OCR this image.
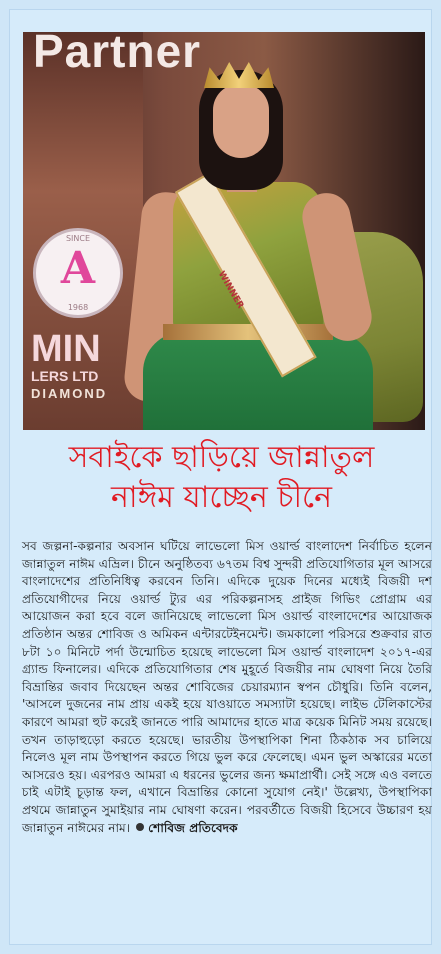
Partner
SINCE
A
1968
MIN
LERS LTD
DIAMOND
WINNER
সবাইকে ছাড়িয়ে জান্নাতুল
নাঈম যাচ্ছেন চীনে
সব জল্পনা-কল্পনার অবসান ঘটিয়ে লাভেলো মিস ওয়ার্ল্ড বাংলাদেশ নির্বাচিত হলেন জান্নাতুল নাঈম এভ্রিল। চীনে অনুষ্ঠিতব্য ৬৭তম বিশ্ব সুন্দরী প্রতিযোগিতার মূল আসরে বাংলাদেশের প্রতিনিধিত্ব করবেন তিনি। এদিকে দুয়েক দিনের মধ্যেই বিজয়ী দশ প্রতিযোগীদের নিয়ে ওয়ার্ল্ড ট্যুর এর পরিকল্পনাসহ প্রাইজ গিভিং প্রোগ্রাম এর আয়োজন করা হবে বলে জানিয়েছে লাভেলো মিস ওয়ার্ল্ড বাংলাদেশের আয়োজক প্রতিষ্ঠান অন্তর শোবিজ ও অমিকন এন্টারটেইনমেন্ট। জমকালো পরিসরে শুক্রবার রাত ৮টা ১০ মিনিটে পর্দা উন্মোচিত হয়েছে লাভেলো মিস ওয়ার্ল্ড বাংলাদেশ ২০১৭-এর গ্র্যান্ড ফিনালের। এদিকে প্রতিযোগিতার শেষ মুহূর্তে বিজয়ীর নাম ঘোষণা নিয়ে তৈরি বিভ্রান্তির জবাব দিয়েছেন অন্তর শোবিজের চেয়ারম্যান স্বপন চৌধুরি। তিনি বলেন, 'আসলে দুজনের নাম প্রায় একই হয়ে যাওয়াতে সমস্যাটা হয়েছে। লাইভ টেলিকাস্টের কারণে আমরা হুট করেই জানতে পারি আমাদের হাতে মাত্র কয়েক মিনিট সময় রয়েছে। তখন তাড়াহুড়ো করতে হয়েছে। ভারতীয় উপস্থাপিকা শিনা ঠিকঠাক সব চালিয়ে নিলেও মূল নাম উপস্থাপন করতে গিয়ে ভুল করে ফেলেছে। এমন ভুল অস্কারের মতো আসরেও হয়। এরপরও আমরা এ ধরনের ভুলের জন্য ক্ষমাপ্রার্থী। সেই সঙ্গে এও বলতে চাই এটাই চূড়ান্ত ফল, এখানে বিভ্রান্তির কোনো সুযোগ নেই।' উল্লেখ্য, উপস্থাপিকা প্রথমে জান্নাতুন সুমাইয়ার নাম ঘোষণা করেন। পরবর্তীতে বিজয়ী হিসেবে উচ্চারণ হয় জান্নাতুন নাঈমের নাম। শোবিজ প্রতিবেদক
